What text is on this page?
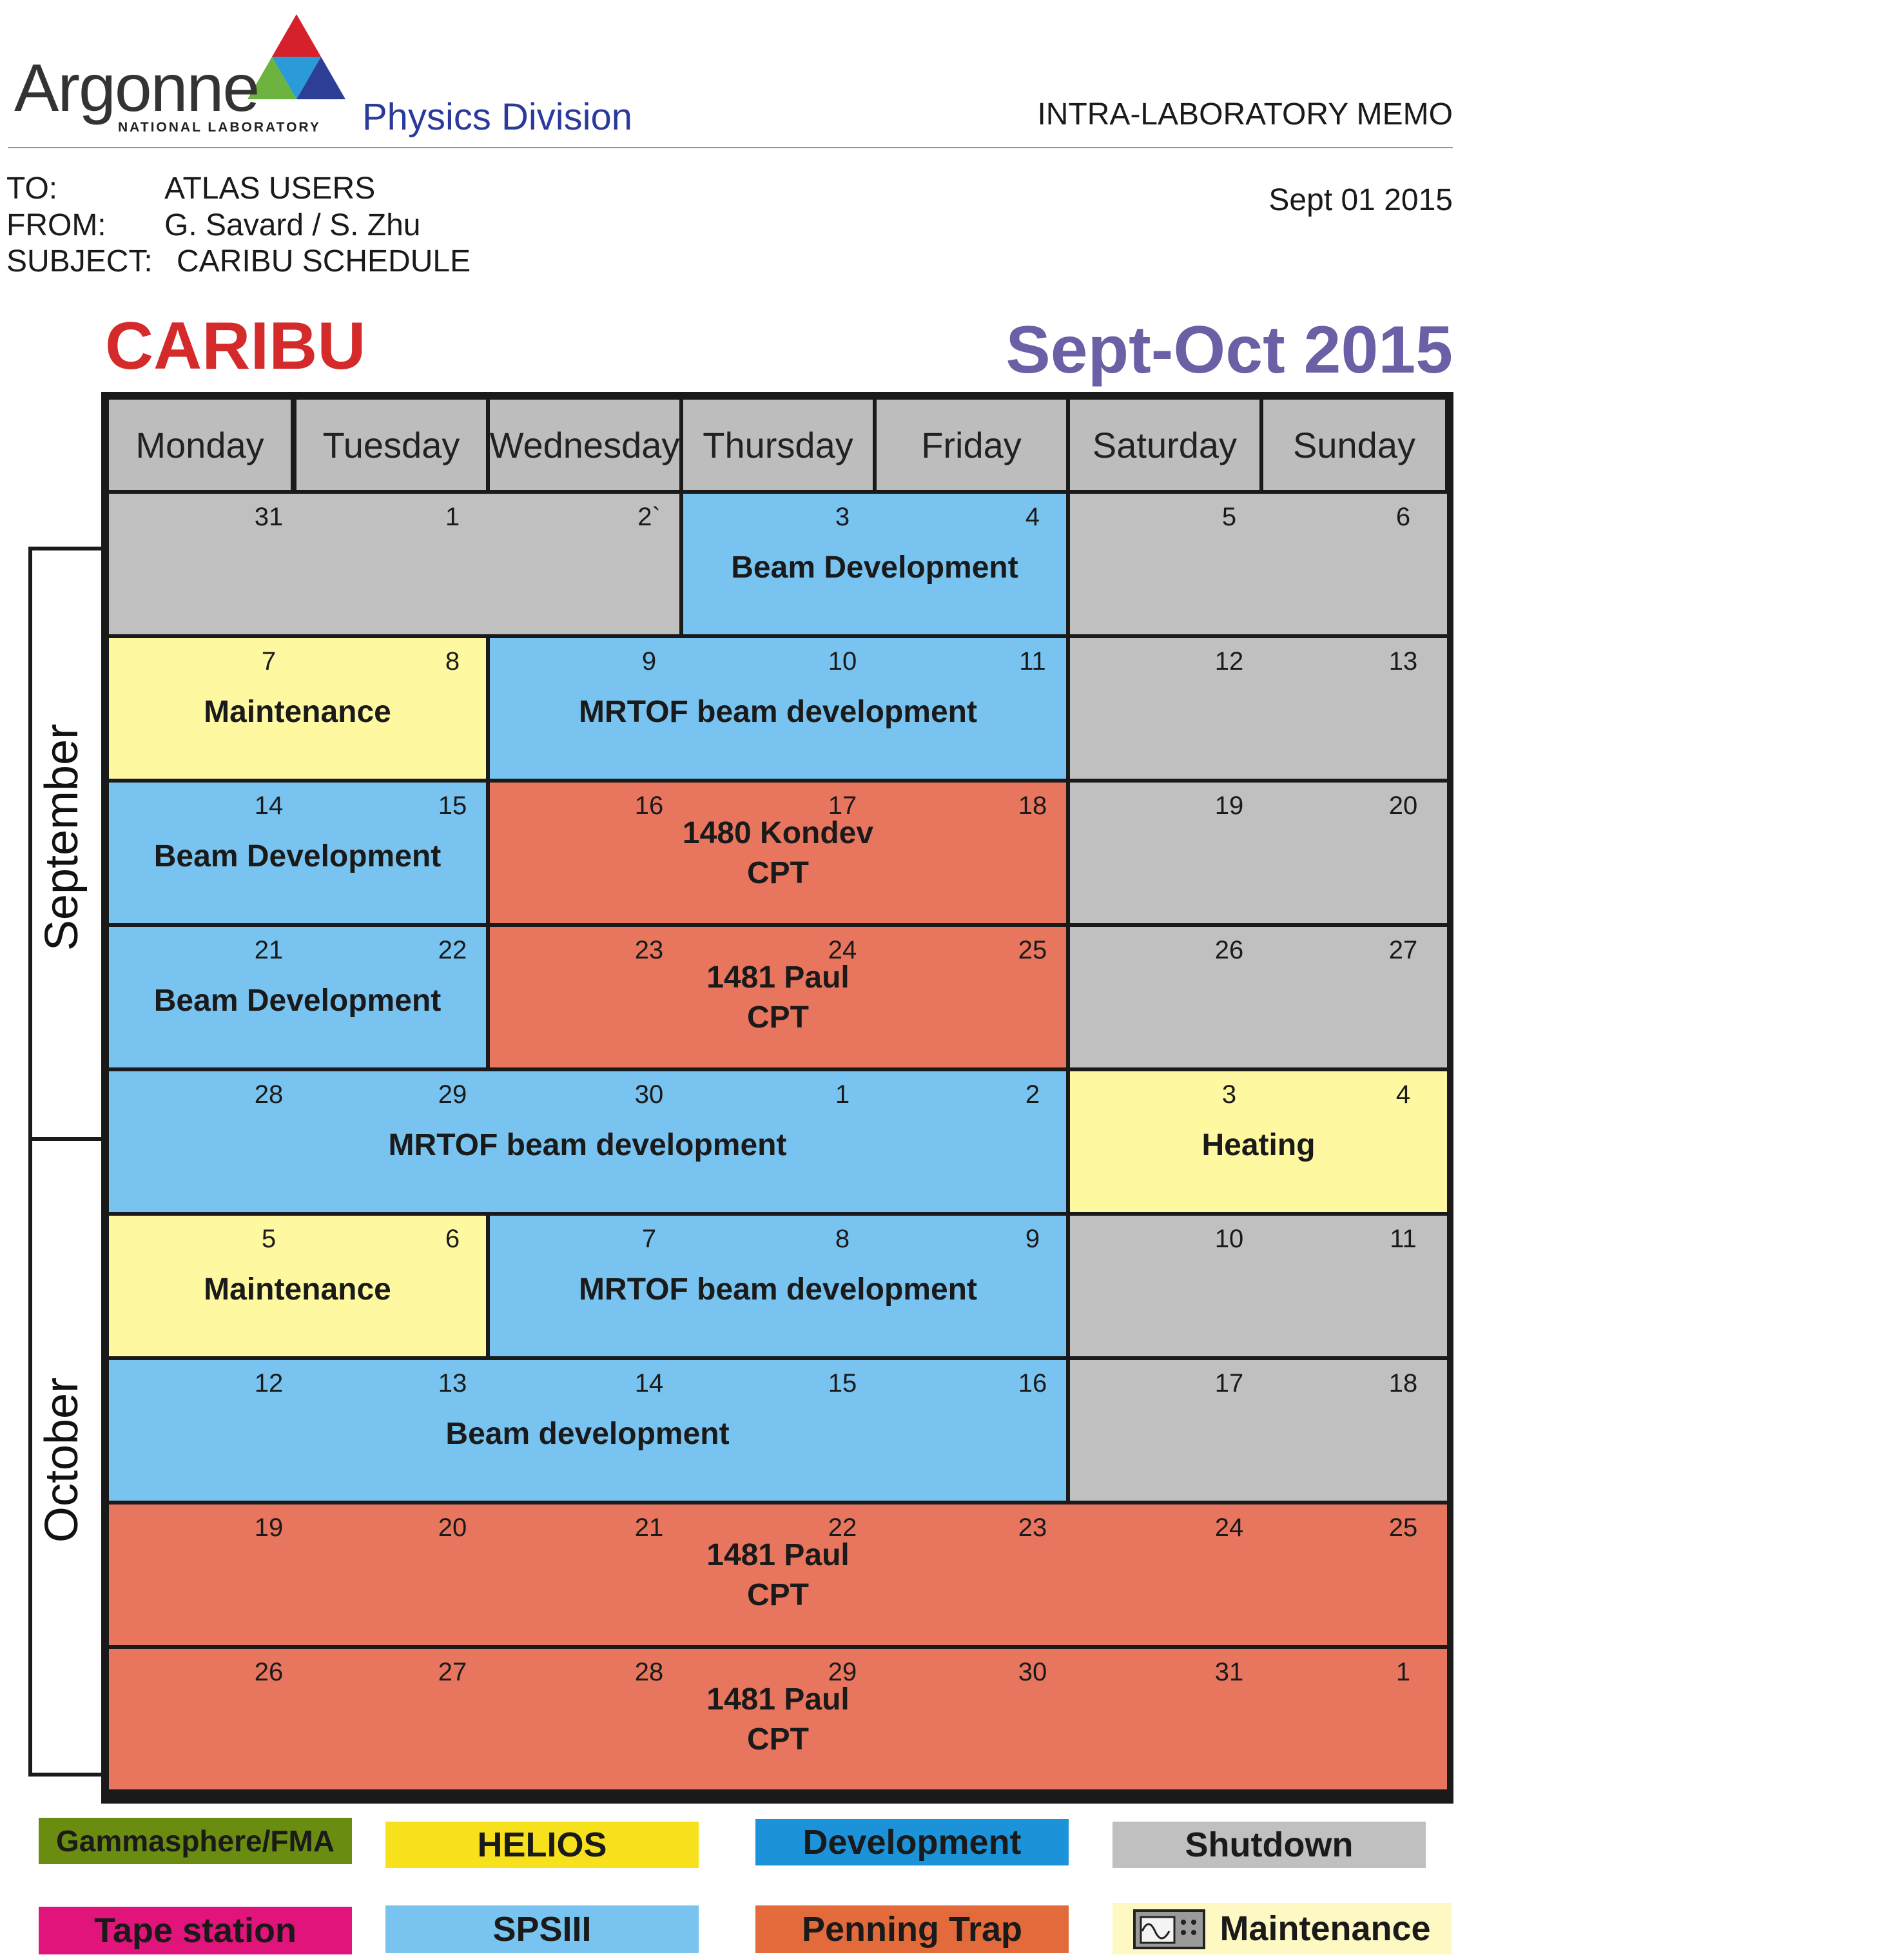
Argonne
NATIONAL LABORATORY Physics Division	INTRA-LABORATORY MEMO
TO:	ATLAS USERS
FROM: G. Savard / S. Zhu
SUBJECT: CARIBU SCHEDULE
Sept 01 2015
CARIBU	Sept-Oct 2015
September
October
Monday	Tuesday Wednesday Thursday	Friday	Saturday	Sunday
Beam Development
31	1	2`	3	4	5	6
Maintenance	MRTOF beam development
7	8	9	10	11	12	13
Beam Development
1480 Kondev
CPT
14	15	16	17	18	19	20
Beam Development
1481 Paul
CPT
21	22	23	24	25	26	27
MRTOF beam development	Heating
28	29	30	1	2	3	4
Maintenance	MRTOF beam development
5	6	7	8	9	10	11
Beam development
12	13	14	15	16	17	18
1481 Paul
CPT
19	20	21	22	23	24	25
1481 Paul
CPT
26	27	28	29	30	31	1
Gammasphere/FMA	HELIOS	Development	Shutdown
Tape station	SPSIII	Penning Trap	Maintenance
